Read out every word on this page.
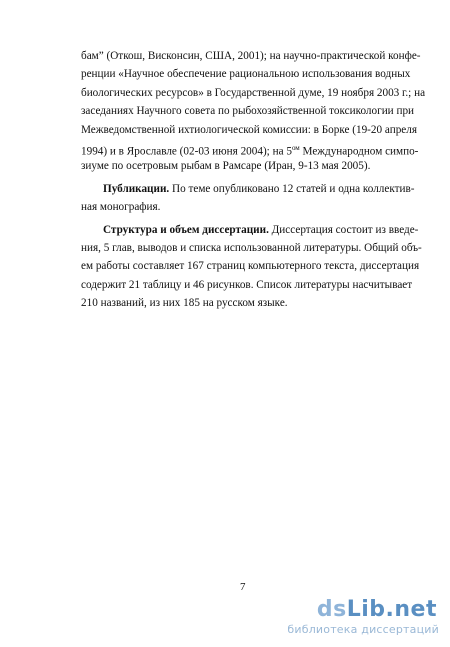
бам” (Откош, Висконсин, США, 2001); на научно-практической конфе-
ренции «Научное обеспечение рациональною использования водных
биологических ресурсов» в Государственной думе, 19 ноября 2003 г.; на
заседаниях Научного совета по рыбохозяйственной токсикологии при
Межведомственной ихтиологической комиссии: в Борке (19-20 апреля
1994) и в Ярославле (02-03 июня 2004); на $5^{ом}$ Международном симпо-
зиуме по осетровым рыбам в Рамсаре (Иран, 9-13 мая 2005).
Публикации. По теме опубликовано 12 статей и одна коллектив-
ная монография.
Структура и объем диссертации. Диссертация состоит из введе-
ния, 5 глав, выводов и списка использованной литературы. Общий объ-
ем работы составляет 167 страниц компьютерного текста, диссертация
содержит 21 таблицу и 46 рисунков. Список литературы насчитывает
210 названий, из них 185 на русском языке.
7
dsLib.net
библиотека диссертаций
